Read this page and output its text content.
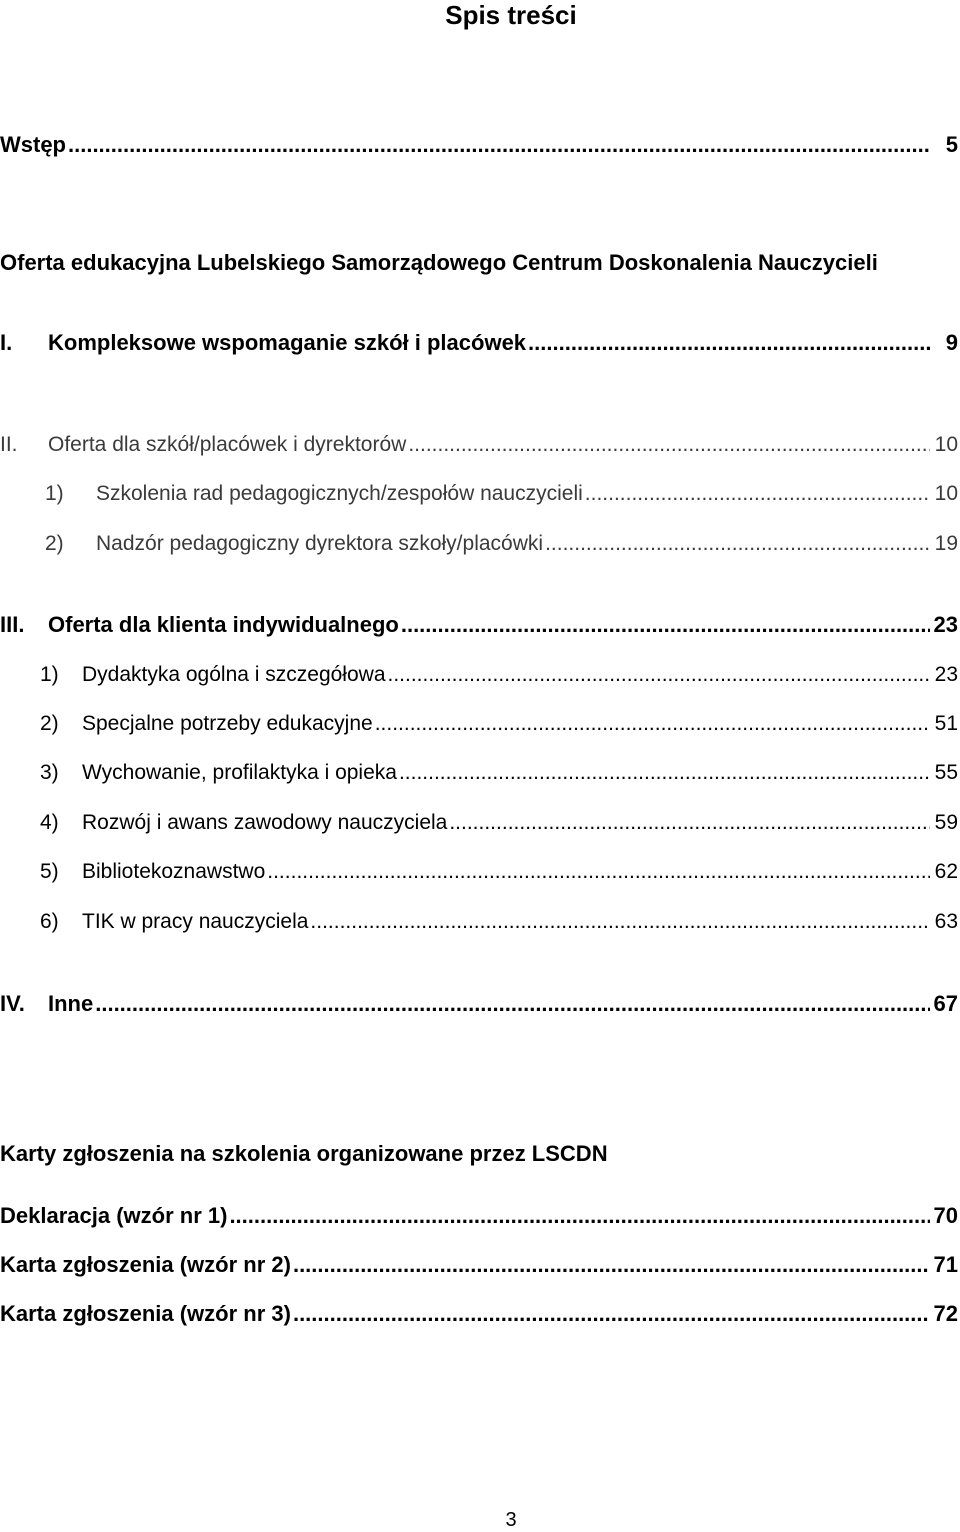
Spis treści
Wstęp .....	5
Oferta edukacyjna Lubelskiego Samorządowego Centrum Doskonalenia Nauczycieli
I.	Kompleksowe wspomaganie szkół i placówek .....	9
II.	Oferta dla szkół/placówek i dyrektorów .....	10
1)	Szkolenia rad pedagogicznych/zespołów nauczycieli .....	10
2)	Nadzór pedagogiczny dyrektora szkoły/placówki .....	19
III.	Oferta dla klienta indywidualnego .....	23
1)	Dydaktyka ogólna i szczegółowa .....	23
2)	Specjalne potrzeby edukacyjne .....	51
3)	Wychowanie, profilaktyka i opieka .....	55
4)	Rozwój i awans zawodowy nauczyciela .....	59
5)	Bibliotekoznawstwo .....	62
6)	TIK w pracy nauczyciela .....	63
IV.	Inne .....	67
Karty zgłoszenia na szkolenia organizowane przez LSCDN
Deklaracja (wzór nr 1) .....	70
Karta zgłoszenia (wzór nr 2) .....	71
Karta zgłoszenia (wzór nr 3) .....	72
3
